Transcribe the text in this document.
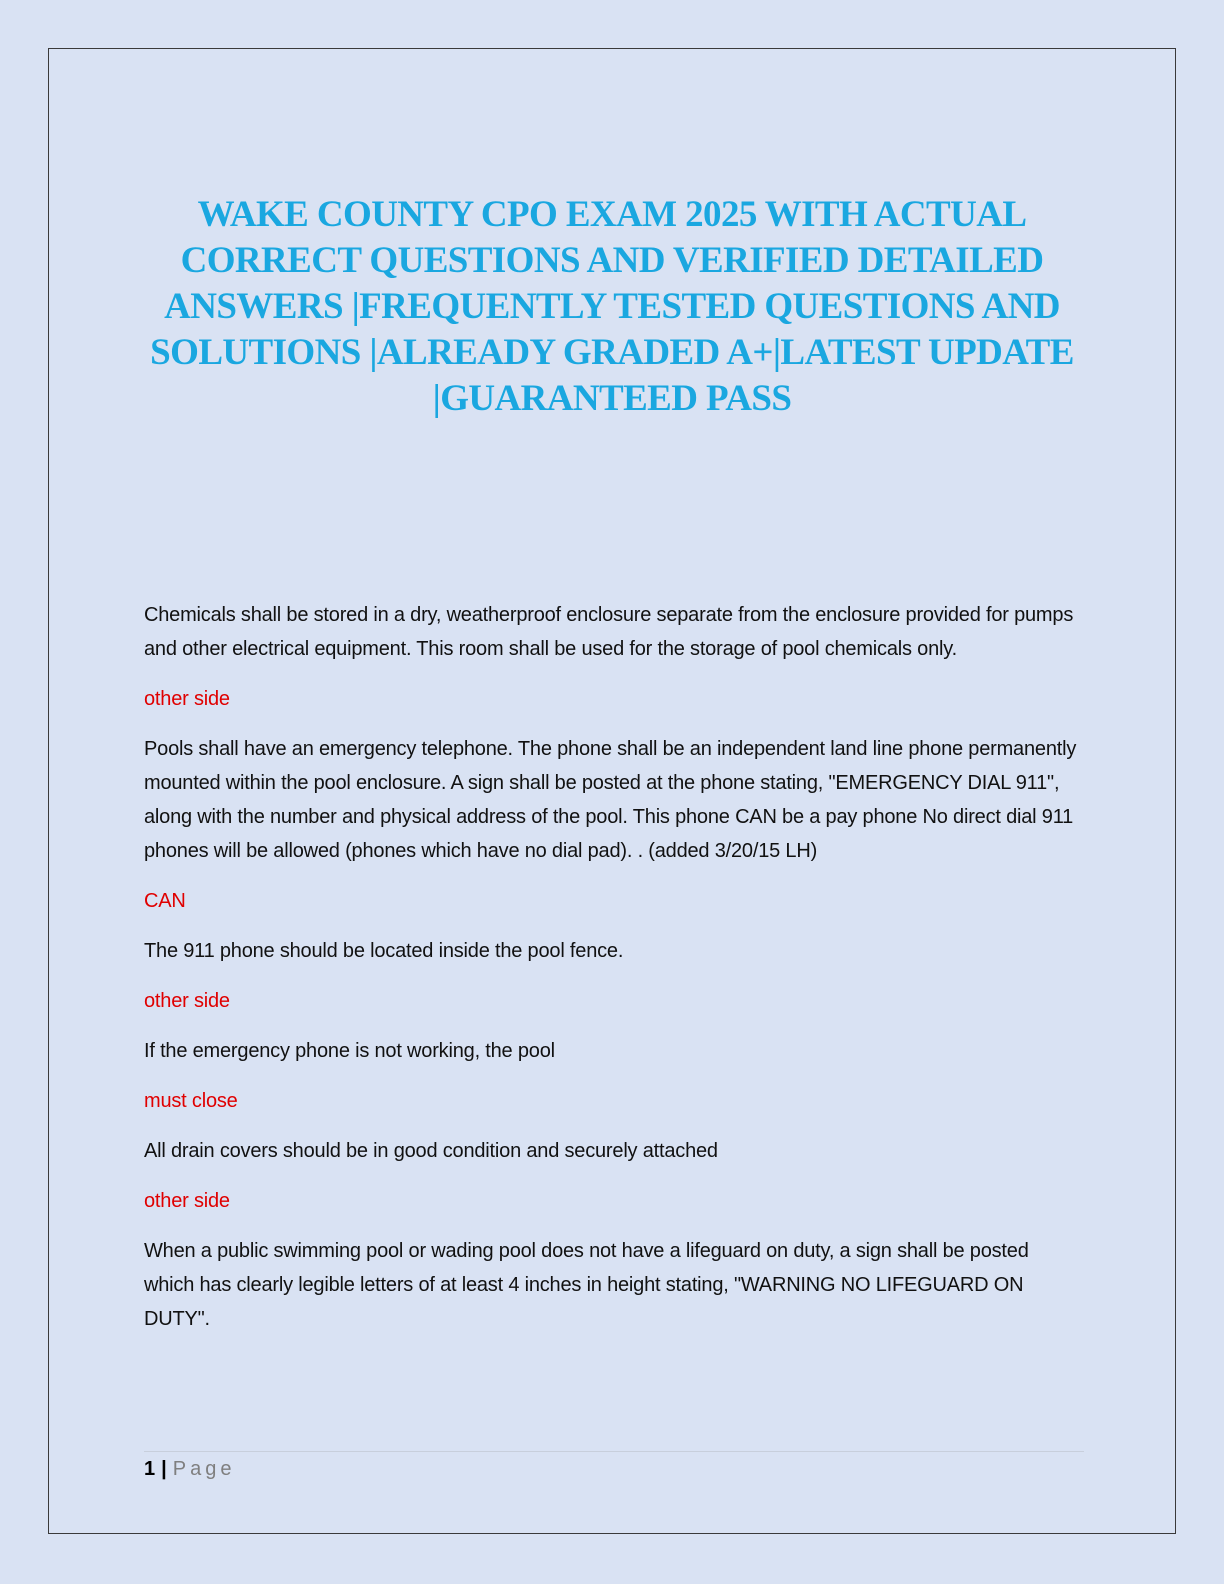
WAKE COUNTY CPO EXAM 2025 WITH ACTUAL CORRECT QUESTIONS AND VERIFIED DETAILED ANSWERS |FREQUENTLY TESTED QUESTIONS AND SOLUTIONS |ALREADY GRADED A+|LATEST UPDATE |GUARANTEED PASS

Chemicals shall be stored in a dry, weatherproof enclosure separate from the enclosure provided for pumps and other electrical equipment. This room shall be used for the storage of pool chemicals only.

other side

Pools shall have an emergency telephone. The phone shall be an independent land line phone permanently mounted within the pool enclosure. A sign shall be posted at the phone stating, "EMERGENCY DIAL 911", along with the number and physical address of the pool. This phone CAN be a pay phone No direct dial 911 phones will be allowed (phones which have no dial pad). . (added 3/20/15 LH)

CAN

The 911 phone should be located inside the pool fence.

other side

If the emergency phone is not working, the pool

must close

All drain covers should be in good condition and securely attached

other side

When a public swimming pool or wading pool does not have a lifeguard on duty, a sign shall be posted which has clearly legible letters of at least 4 inches in height stating, "WARNING NO LIFEGUARD ON DUTY".

1 | Page
